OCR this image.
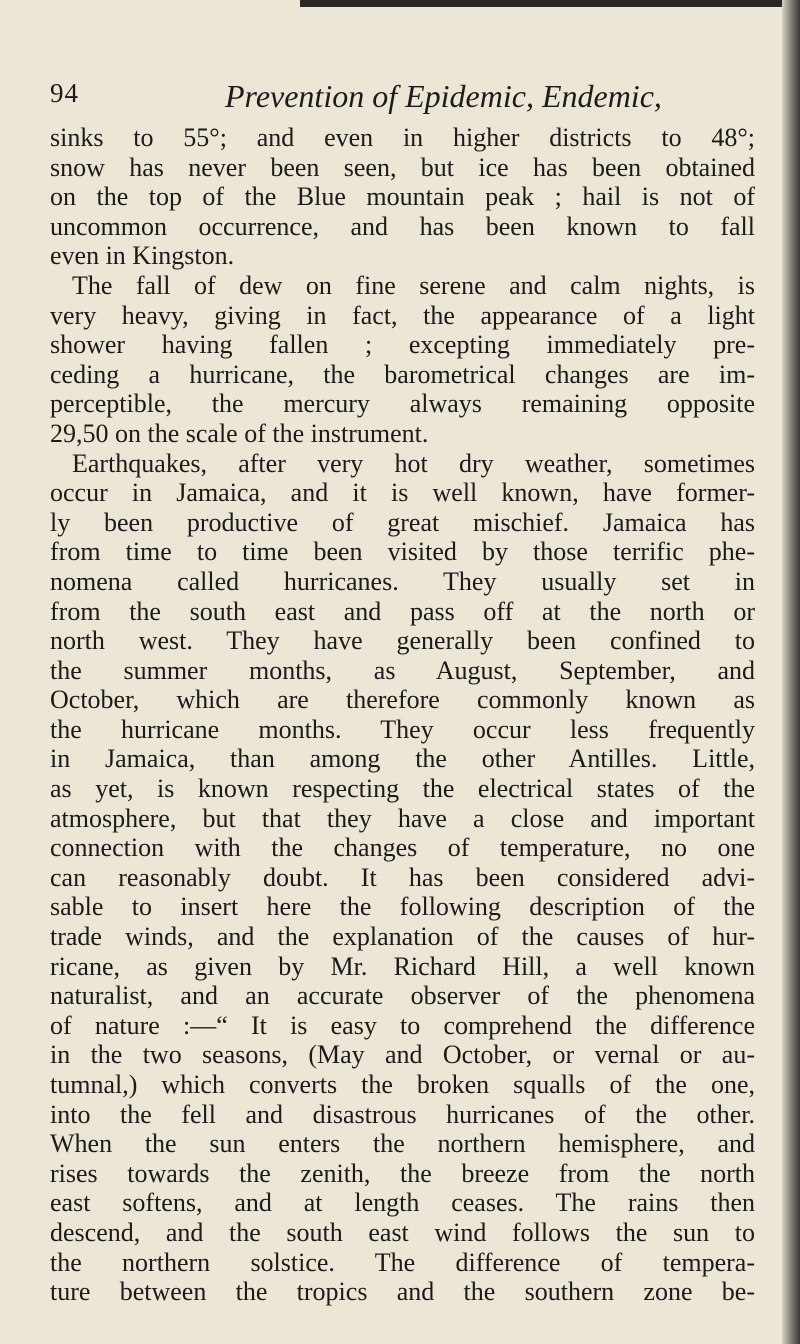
94	Prevention of Epidemic, Endemic,
sinks to 55°; and even in higher districts to 48°;
snow has never been seen, but ice has been obtained
on the top of the Blue mountain peak ; hail is not of
uncommon occurrence, and has been known to fall
even in Kingston.
The fall of dew on fine serene and calm nights, is
very heavy, giving in fact, the appearance of a light
shower having fallen ; excepting immediately pre-
ceding a hurricane, the barometrical changes are im-
perceptible, the mercury always remaining opposite
29,50 on the scale of the instrument.
Earthquakes, after very hot dry weather, sometimes
occur in Jamaica, and it is well known, have former-
ly been productive of great mischief. Jamaica has
from time to time been visited by those terrific phe-
nomena called hurricanes. They usually set in
from the south east and pass off at the north or
north west. They have generally been confined to
the summer months, as August, September, and
October, which are therefore commonly known as
the hurricane months. They occur less frequently
in Jamaica, than among the other Antilles. Little,
as yet, is known respecting the electrical states of the
atmosphere, but that they have a close and important
connection with the changes of temperature, no one
can reasonably doubt. It has been considered advi-
sable to insert here the following description of the
trade winds, and the explanation of the causes of hur-
ricane, as given by Mr. Richard Hill, a well known
naturalist, and an accurate observer of the phenomena
of nature :—“ It is easy to comprehend the difference
in the two seasons, (May and October, or vernal or au-
tumnal,) which converts the broken squalls of the one,
into the fell and disastrous hurricanes of the other.
When the sun enters the northern hemisphere, and
rises towards the zenith, the breeze from the north
east softens, and at length ceases. The rains then
descend, and the south east wind follows the sun to
the northern solstice. The difference of tempera-
ture between the tropics and the southern zone be-
